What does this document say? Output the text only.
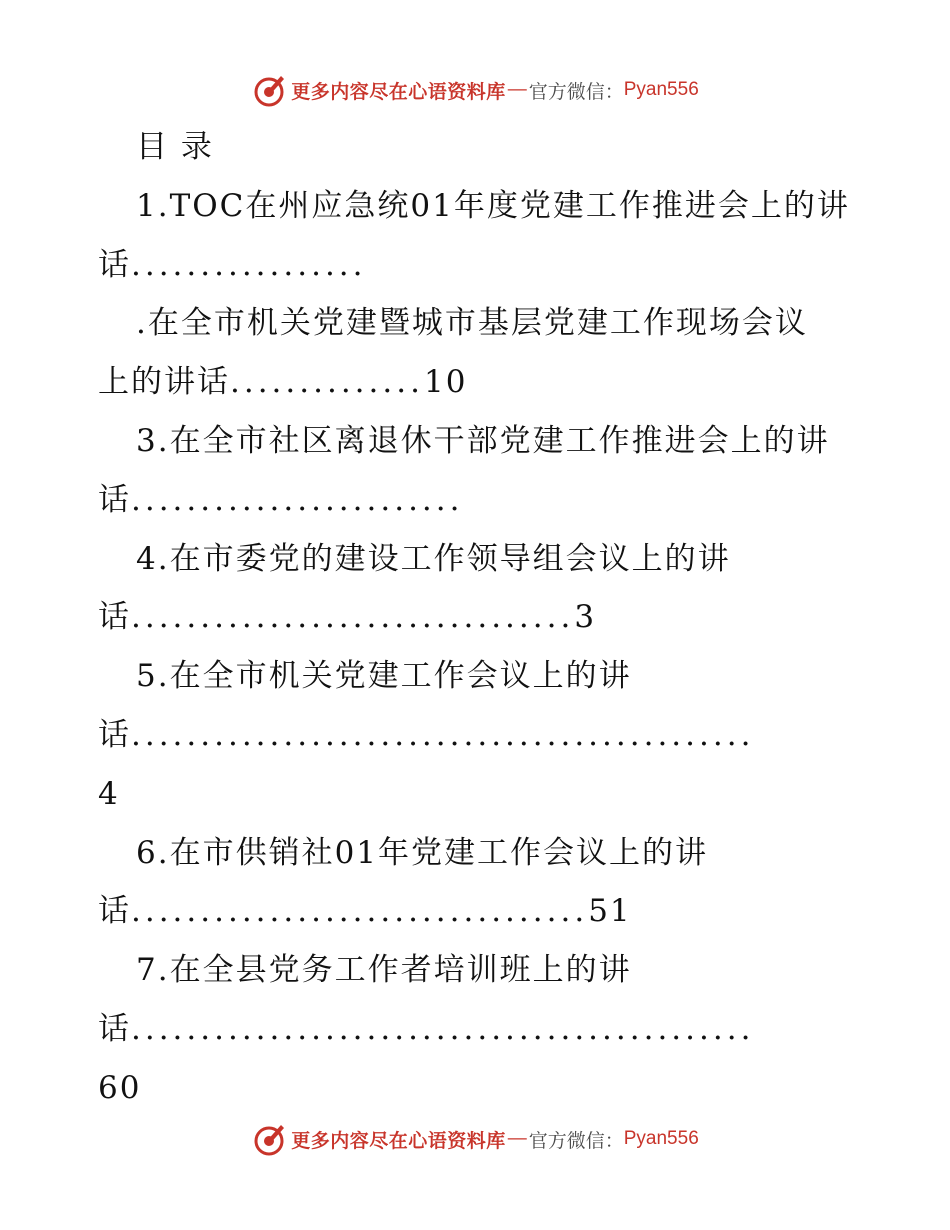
更多内容尽在心语资料库 — 官方微信： Pyan556
目 录
1.TOC在州应急统01年度党建工作推进会上的讲
话.................
.在全市机关党建暨城市基层党建工作现场会议
上的讲话..............10
3.在全市社区离退休干部党建工作推进会上的讲
话........................
4.在市委党的建设工作领导组会议上的讲
话................................3
5.在全市机关党建工作会议上的讲
话.............................................
4
6.在市供销社01年党建工作会议上的讲
话.................................51
7.在全县党务工作者培训班上的讲
话.............................................
60
更多内容尽在心语资料库 — 官方微信： Pyan556
